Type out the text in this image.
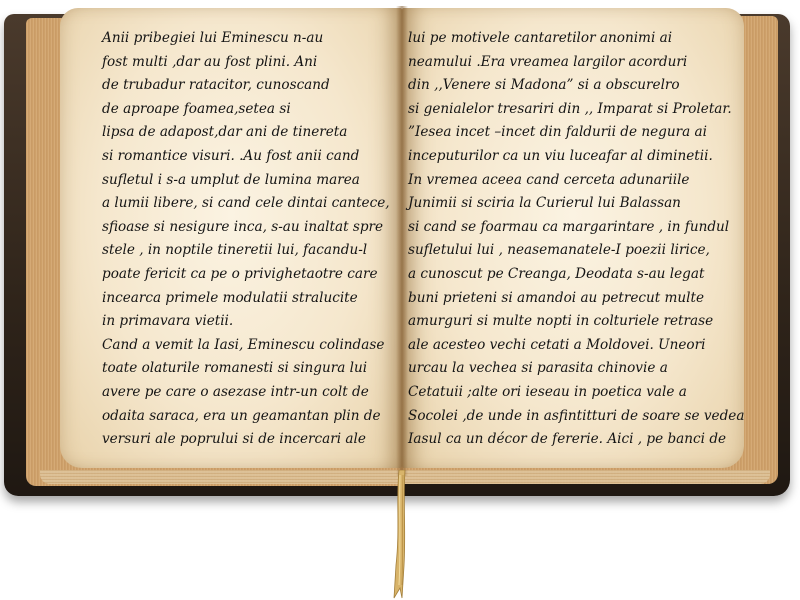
Anii pribegiei lui Eminescu n-au
fost multi ,dar au fost plini. Ani
de trubadur ratacitor, cunoscand
de aproape foamea,setea si
lipsa de adapost,dar ani de tinereta
si romantice visuri. .Au fost anii cand
sufletul i s-a umplut de lumina marea
a lumii libere, si cand cele dintai cantece,
sfioase si nesigure inca, s-au inaltat spre
stele , in noptile tineretii lui, facandu-l
poate fericit ca pe o privighetaotre care
incearca primele modulatii stralucite
in primavara vietii.
Cand a vemit la Iasi, Eminescu colindase
toate olaturile romanesti si singura lui
avere pe care o asezase intr-un colt de
odaita saraca, era un geamantan plin de
versuri ale poprului si de incercari ale
lui pe motivele cantaretilor anonimi ai
neamului .Era vreamea largilor acorduri
din ,,Venere si Madona” si a obscurelro
si genialelor tresariri din ,, Imparat si Proletar.
”Iesea incet –incet din faldurii de negura ai
inceputurilor ca un viu luceafar al diminetii.
In vremea aceea cand cerceta adunariile
Junimii si sciria la Curierul lui Balassan
si cand se foarmau ca margarintare , in fundul
sufletului lui , neasemanatele-I poezii lirice,
a cunoscut pe Creanga, Deodata s-au legat
buni prieteni si amandoi au petrecut multe
amurguri si multe nopti in colturiele retrase
ale acesteo vechi cetati a Moldovei. Uneori
urcau la vechea si parasita chinovie a
Cetatuii ;alte ori ieseau in poetica vale a
Socolei ,de unde in asfintitturi de soare se vedea
Iasul ca un décor de fererie. Aici , pe banci de
